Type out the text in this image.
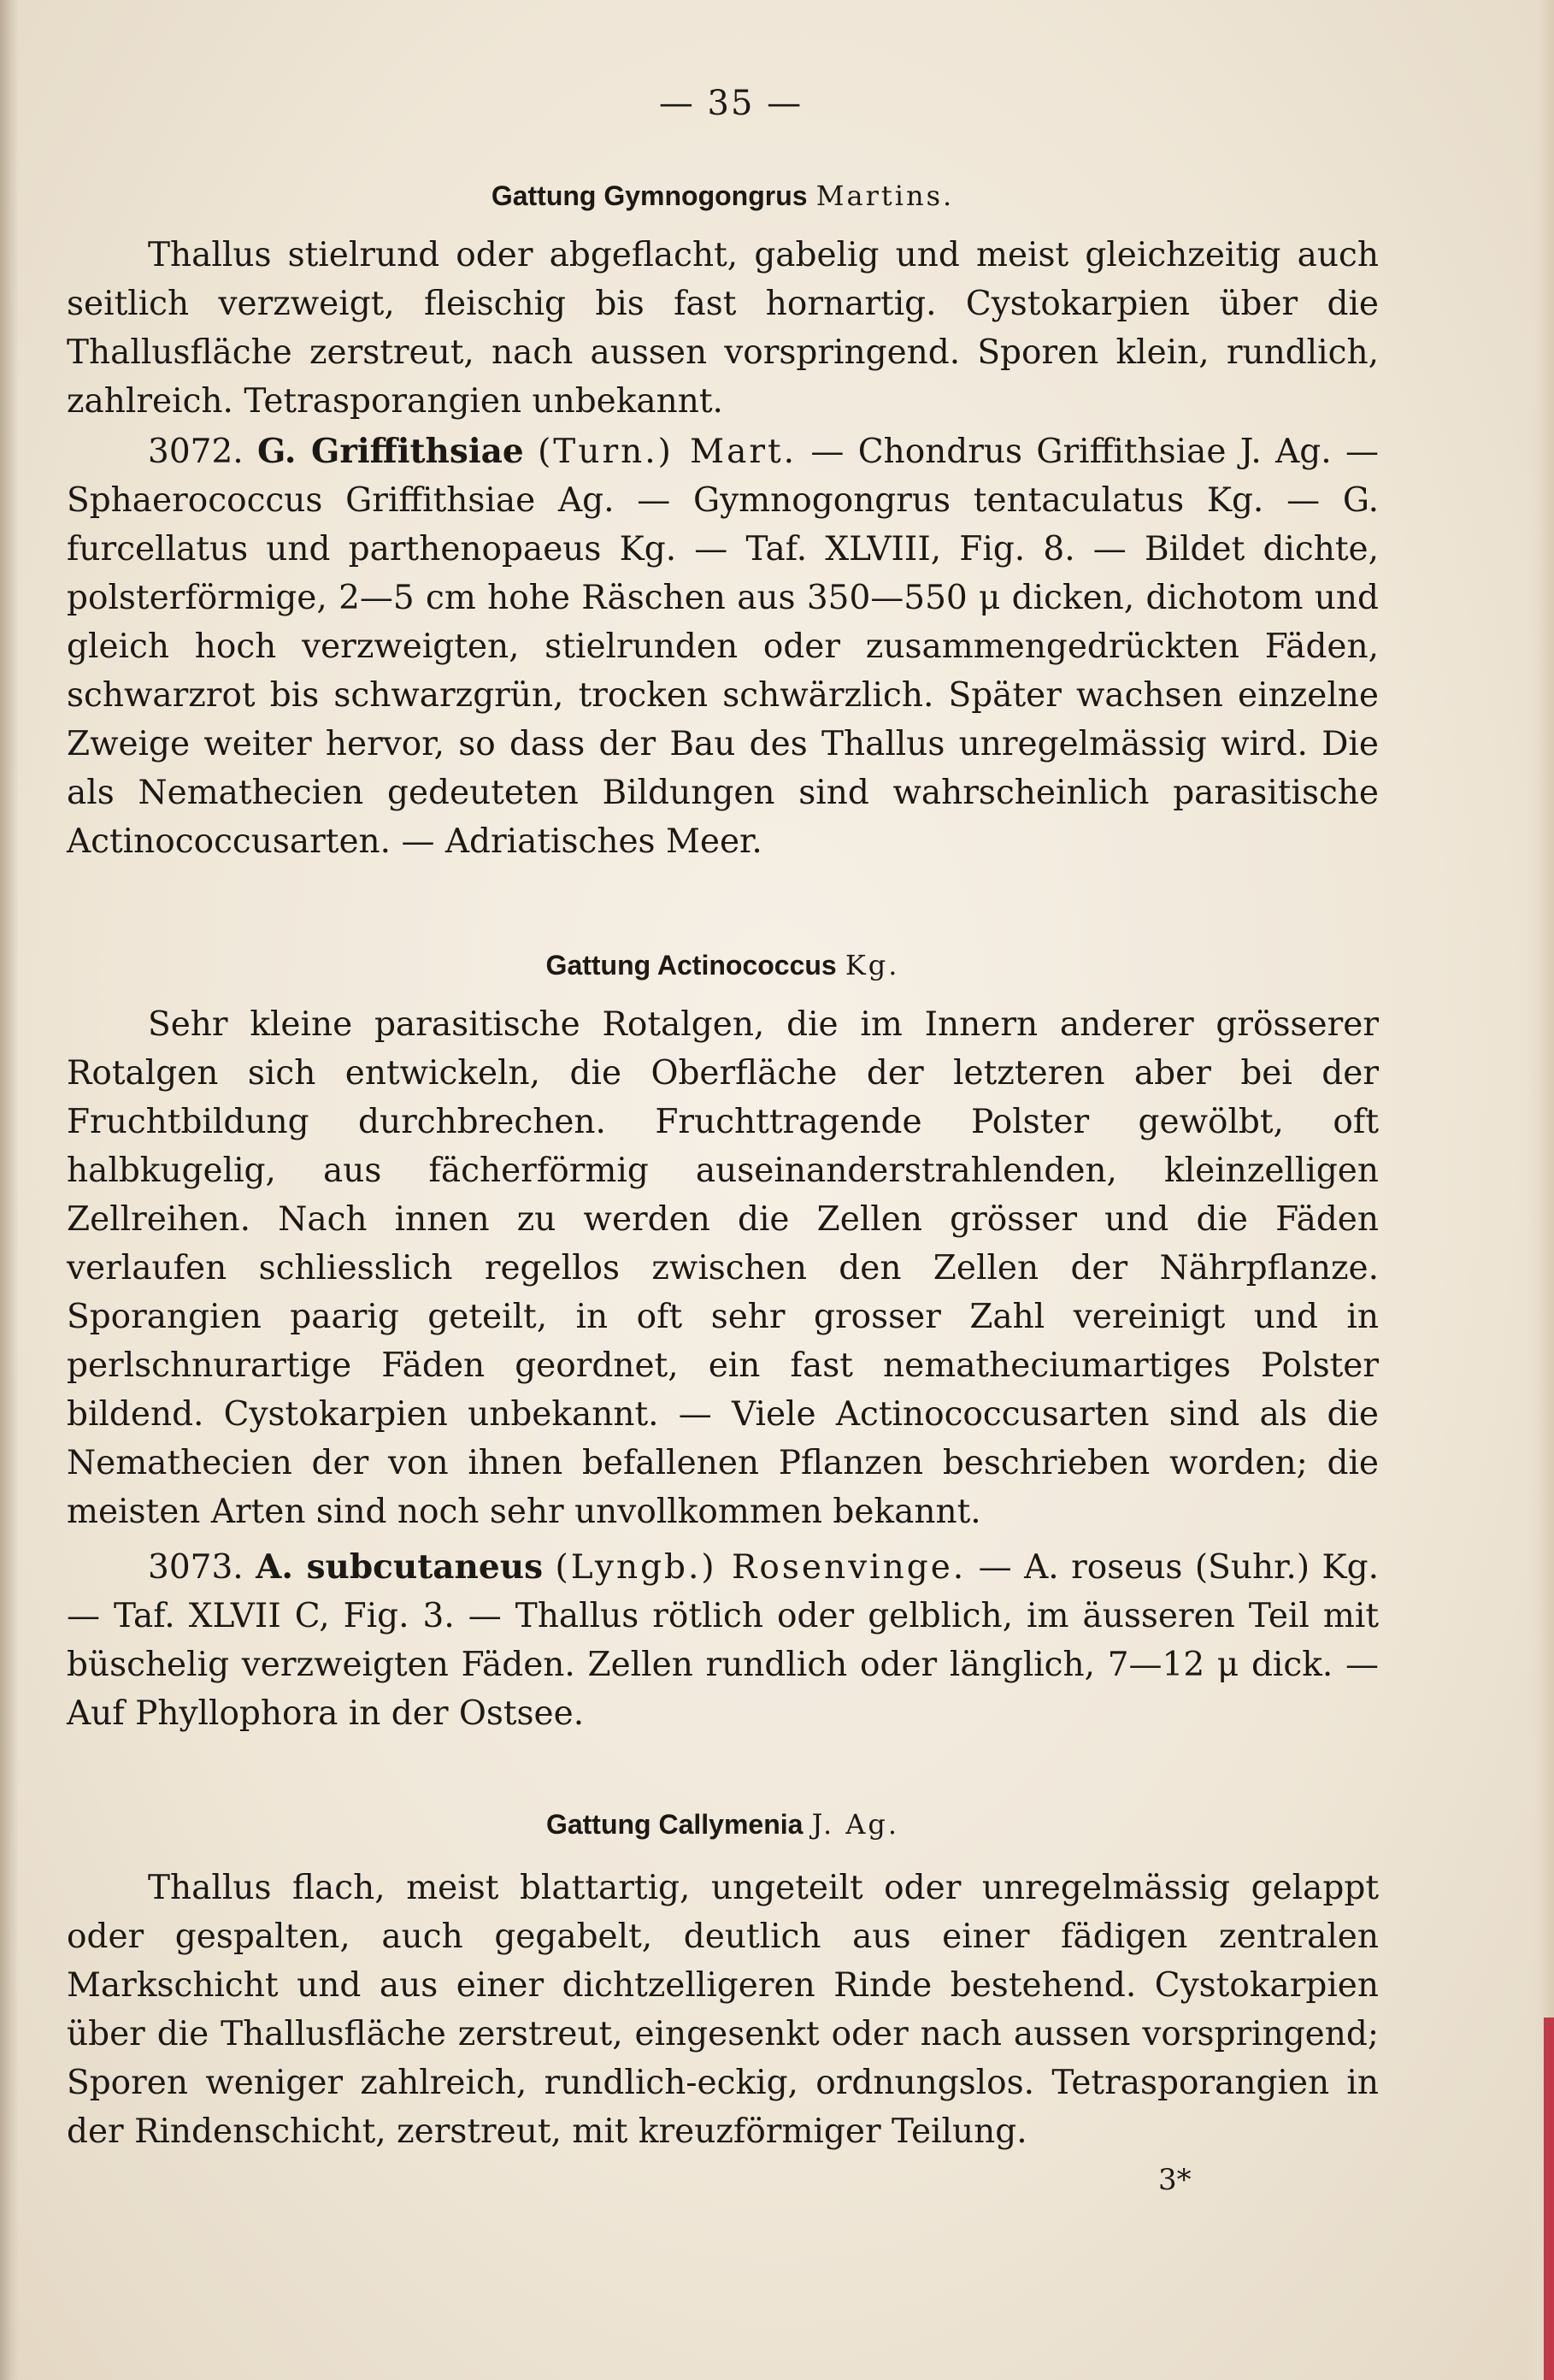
— 35 —
Gattung Gymnogongrus Martins.

Thallus stielrund oder abgeflacht, gabelig und meist gleichzeitig auch seitlich verzweigt, fleischig bis fast hornartig. Cystokarpien über die Thallusfläche zerstreut, nach aussen vorspringend. Sporen klein, rundlich, zahlreich. Tetrasporangien unbekannt.

3072. G. Griffithsiae (Turn.) Mart. — Chondrus Griffithsiae J. Ag. — Sphaerococcus Griffithsiae Ag. — Gymnogongrus tentaculatus Kg. — G. furcellatus und parthenopaeus Kg. — Taf. XLVIII, Fig. 8. — Bildet dichte, polsterförmige, 2—5 cm hohe Räschen aus 350—550 μ dicken, dichotom und gleich hoch verzweigten, stielrunden oder zusammengedrückten Fäden, schwarzrot bis schwarzgrün, trocken schwärzlich. Später wachsen einzelne Zweige weiter hervor, so dass der Bau des Thallus unregelmässig wird. Die als Nemathecien gedeuteten Bildungen sind wahrscheinlich parasitische Actinococcusarten. — Adriatisches Meer.

Gattung Actinococcus Kg.

Sehr kleine parasitische Rotalgen, die im Innern anderer grösserer Rotalgen sich entwickeln, die Oberfläche der letzteren aber bei der Fruchtbildung durchbrechen. Fruchttragende Polster gewölbt, oft halbkugelig, aus fächerförmig auseinanderstrahlenden, kleinzelligen Zellreihen. Nach innen zu werden die Zellen grösser und die Fäden verlaufen schliesslich regellos zwischen den Zellen der Nährpflanze. Sporangien paarig geteilt, in oft sehr grosser Zahl vereinigt und in perlschnurartige Fäden geordnet, ein fast nematheciumartiges Polster bildend. Cystokarpien unbekannt. — Viele Actinococcusarten sind als die Nemathecien der von ihnen befallenen Pflanzen beschrieben worden; die meisten Arten sind noch sehr unvollkommen bekannt.

3073. A. subcutaneus (Lyngb.) Rosenvinge. — A. roseus (Suhr.) Kg. — Taf. XLVII C, Fig. 3. — Thallus rötlich oder gelblich, im äusseren Teil mit büschelig verzweigten Fäden. Zellen rundlich oder länglich, 7—12 μ dick. — Auf Phyllophora in der Ostsee.

Gattung Callymenia J. Ag.

Thallus flach, meist blattartig, ungeteilt oder unregelmässig gelappt oder gespalten, auch gegabelt, deutlich aus einer fädigen zentralen Markschicht und aus einer dichtzelligeren Rinde bestehend. Cystokarpien über die Thallusfläche zerstreut, eingesenkt oder nach aussen vorspringend; Sporen weniger zahlreich, rundlich-eckig, ordnungslos. Tetrasporangien in der Rindenschicht, zerstreut, mit kreuzförmiger Teilung.

3*
